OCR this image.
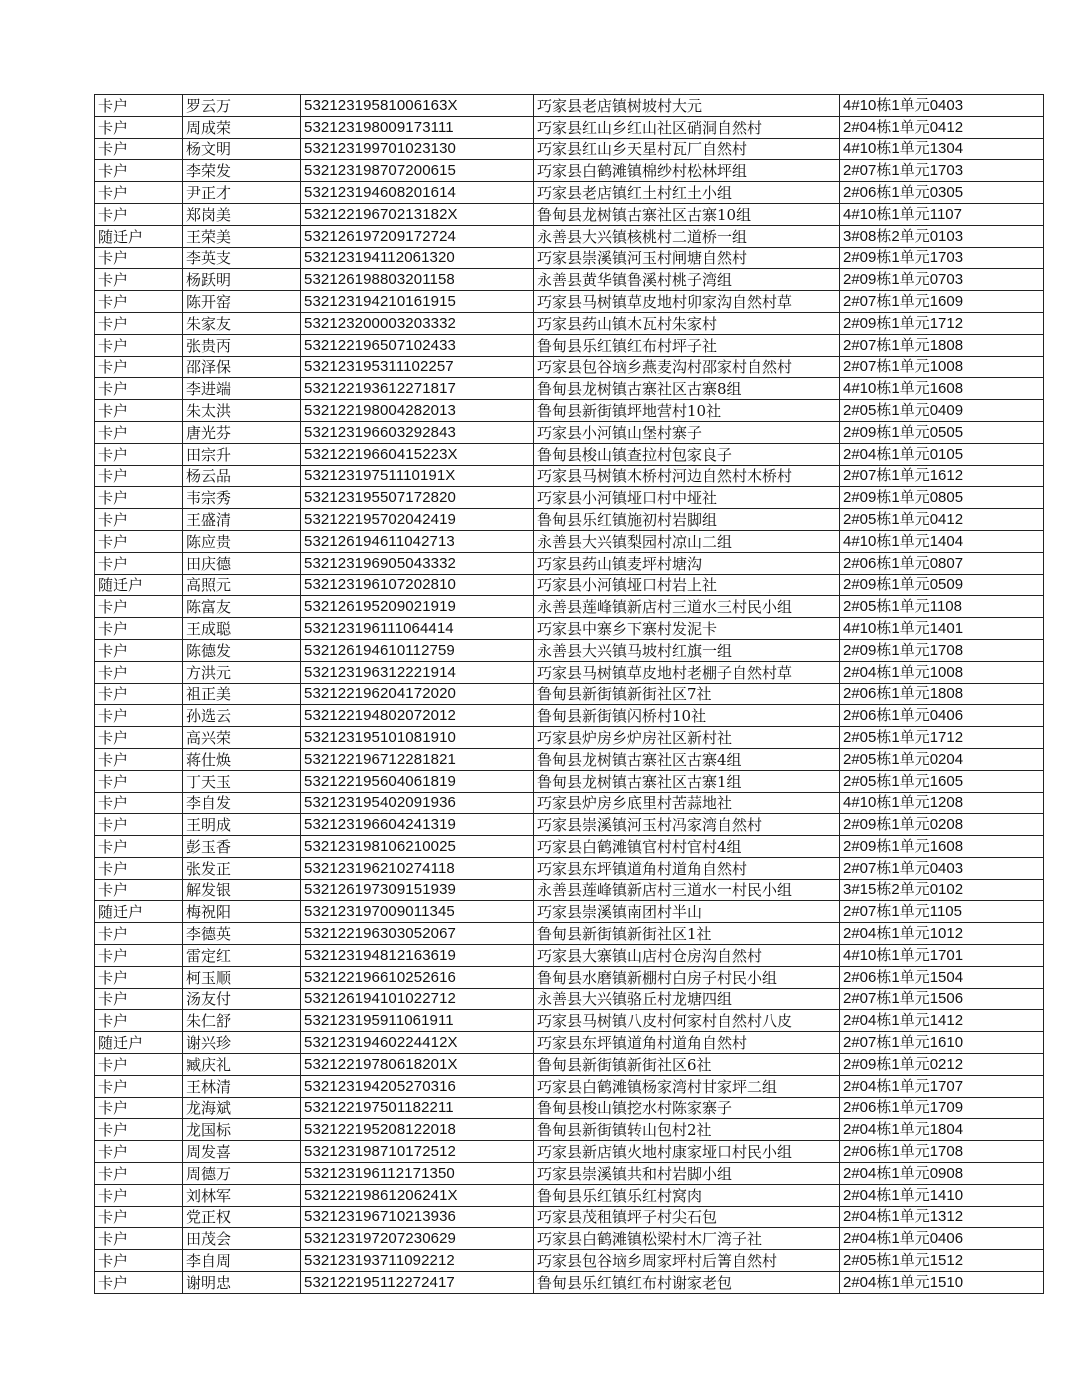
卡户	罗云万	53212319581006163X	巧家县老店镇树坡村大元	4#10栋1单元0403
卡户	周成荣	532123198009173111	巧家县红山乡红山社区硝洞自然村	2#04栋1单元0412
卡户	杨文明	532123199701023130	巧家县红山乡天星村瓦厂自然村	4#10栋1单元1304
卡户	李荣发	532123198707200615	巧家县白鹤滩镇棉纱村松林坪组	2#07栋1单元1703
卡户	尹正才	532123194608201614	巧家县老店镇红土村红土小组	2#06栋1单元0305
卡户	郑岗美	53212219670213182X	鲁甸县龙树镇古寨社区古寨10组	4#10栋1单元1107
随迁户	王荣美	532126197209172724	永善县大兴镇核桃村二道桥一组	3#08栋2单元0103
卡户	李英支	532123194112061320	巧家县崇溪镇河玉村闸塘自然村	2#09栋1单元1703
卡户	杨跃明	532126198803201158	永善县黄华镇鲁溪村桃子湾组	2#09栋1单元0703
卡户	陈开窑	532123194210161915	巧家县马树镇草皮地村卯家沟自然村草	2#07栋1单元1609
卡户	朱家友	532123200003203332	巧家县药山镇木瓦村朱家村	2#09栋1单元1712
卡户	张贵丙	532122196507102433	鲁甸县乐红镇红布村坪子社	2#07栋1单元1808
卡户	邵泽保	532123195311102257	巧家县包谷垴乡燕麦沟村邵家村自然村	2#07栋1单元1008
卡户	李进端	532122193612271817	鲁甸县龙树镇古寨社区古寨8组	4#10栋1单元1608
卡户	朱太洪	532122198004282013	鲁甸县新街镇坪地营村10社	2#05栋1单元0409
卡户	唐光芬	532123196603292843	巧家县小河镇山堡村寨子	2#09栋1单元0505
卡户	田宗升	53212219660415223X	鲁甸县梭山镇查拉村包家良子	2#04栋1单元0105
卡户	杨云品	53212319751110191X	巧家县马树镇木桥村河边自然村木桥村	2#07栋1单元1612
卡户	韦宗秀	532123195507172820	巧家县小河镇垭口村中垭社	2#09栋1单元0805
卡户	王盛清	532122195702042419	鲁甸县乐红镇施初村岩脚组	2#05栋1单元0412
卡户	陈应贵	532126194611042713	永善县大兴镇梨园村凉山二组	4#10栋1单元1404
卡户	田庆德	532123196905043332	巧家县药山镇麦坪村塘沟	2#06栋1单元0807
随迁户	高照元	532123196107202810	巧家县小河镇垭口村岩上社	2#09栋1单元0509
卡户	陈富友	532126195209021919	永善县莲峰镇新店村三道水三村民小组	2#05栋1单元1108
卡户	王成聪	532123196111064414	巧家县中寨乡下寨村发泥卡	4#10栋1单元1401
卡户	陈德发	532126194610112759	永善县大兴镇马坡村红旗一组	2#09栋1单元1708
卡户	方洪元	532123196312221914	巧家县马树镇草皮地村老棚子自然村草	2#04栋1单元1008
卡户	祖正美	532122196204172020	鲁甸县新街镇新街社区7社	2#06栋1单元1808
卡户	孙选云	532122194802072012	鲁甸县新街镇闪桥村10社	2#06栋1单元0406
卡户	高兴荣	532123195101081910	巧家县炉房乡炉房社区新村社	2#05栋1单元1712
卡户	蒋仕焕	532122196712281821	鲁甸县龙树镇古寨社区古寨4组	2#05栋1单元0204
卡户	丁天玉	532122195604061819	鲁甸县龙树镇古寨社区古寨1组	2#05栋1单元1605
卡户	李自发	532123195402091936	巧家县炉房乡底里村苦蒜地社	4#10栋1单元1208
卡户	王明成	532123196604241319	巧家县崇溪镇河玉村冯家湾自然村	2#09栋1单元0208
卡户	彭玉香	532123198106210025	巧家县白鹤滩镇官村村官村4组	2#09栋1单元1608
卡户	张发正	532123196210274118	巧家县东坪镇道角村道角自然村	2#07栋1单元0403
卡户	解发银	532126197309151939	永善县莲峰镇新店村三道水一村民小组	3#15栋2单元0102
随迁户	梅祝阳	532123197009011345	巧家县崇溪镇南团村半山	2#07栋1单元1105
卡户	李德英	532122196303052067	鲁甸县新街镇新街社区1社	2#04栋1单元1012
卡户	雷定红	532123194812163619	巧家县大寨镇山店村仓房沟自然村	4#10栋1单元1701
卡户	柯玉顺	532122196610252616	鲁甸县水磨镇新棚村白房子村民小组	2#06栋1单元1504
卡户	汤友付	532126194101022712	永善县大兴镇骆丘村龙塘四组	2#07栋1单元1506
卡户	朱仁舒	532123195911061911	巧家县马树镇八皮村何家村自然村八皮	2#04栋1单元1412
随迁户	谢兴珍	53212319460224412X	巧家县东坪镇道角村道角自然村	2#07栋1单元1610
卡户	臧庆礼	53212219780618201X	鲁甸县新街镇新街社区6社	2#09栋1单元0212
卡户	王林清	532123194205270316	巧家县白鹤滩镇杨家湾村甘家坪二组	2#04栋1单元1707
卡户	龙海斌	532122197501182211	鲁甸县梭山镇挖水村陈家寨子	2#06栋1单元1709
卡户	龙国标	532122195208122018	鲁甸县新街镇转山包村2社	2#04栋1单元1804
卡户	周发喜	532123198710172512	巧家县新店镇火地村康家垭口村民小组	2#06栋1单元1708
卡户	周德万	532123196112171350	巧家县崇溪镇共和村岩脚小组	2#04栋1单元0908
卡户	刘林军	53212219861206241X	鲁甸县乐红镇乐红村窝肉	2#04栋1单元1410
卡户	党正权	532123196710213936	巧家县茂租镇坪子村尖石包	2#04栋1单元1312
卡户	田茂会	532123197207230629	巧家县白鹤滩镇松梁村木厂湾子社	2#04栋1单元0406
卡户	李自周	532123193711092212	巧家县包谷垴乡周家坪村后箐自然村	2#05栋1单元1512
卡户	谢明忠	532122195112272417	鲁甸县乐红镇红布村谢家老包	2#04栋1单元1510
